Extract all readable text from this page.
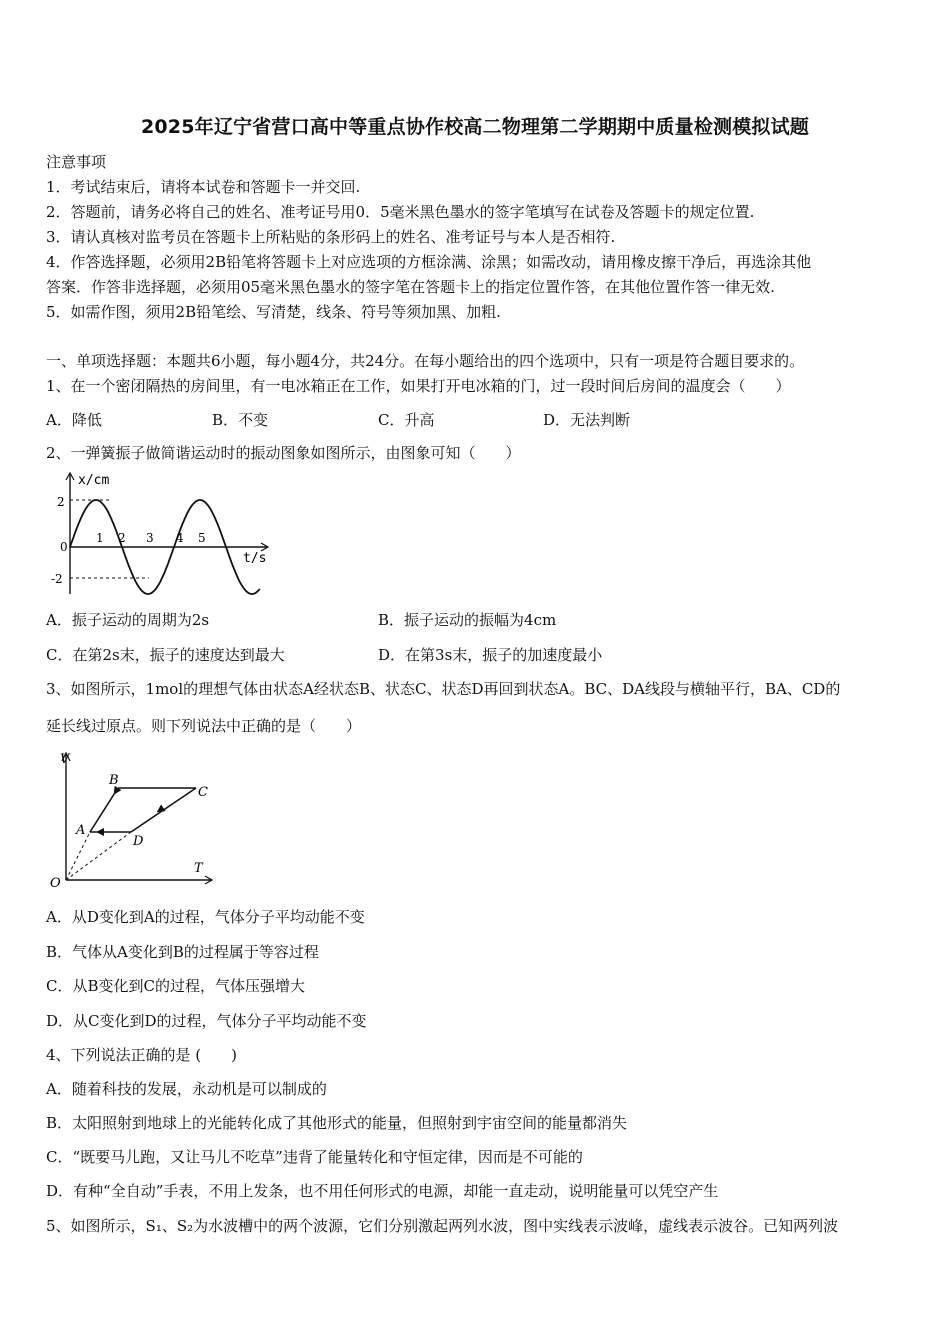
2025年辽宁省营口高中等重点协作校高二物理第二学期期中质量检测模拟试题
注意事项
1．考试结束后，请将本试卷和答题卡一并交回.
2．答题前，请务必将自己的姓名、准考证号用0．5毫米黑色墨水的签字笔填写在试卷及答题卡的规定位置.
3．请认真核对监考员在答题卡上所粘贴的条形码上的姓名、准考证号与本人是否相符.
4．作答选择题，必须用2B铅笔将答题卡上对应选项的方框涂满、涂黑；如需改动，请用橡皮擦干净后，再选涂其他
答案．作答非选择题，必须用05毫米黑色墨水的签字笔在答题卡上的指定位置作答，在其他位置作答一律无效.
5．如需作图，须用2B铅笔绘、写清楚，线条、符号等须加黑、加粗.
一、单项选择题：本题共6小题，每小题4分，共24分。在每小题给出的四个选项中，只有一项是符合题目要求的。
1、在一个密闭隔热的房间里，有一电冰箱正在工作，如果打开电冰箱的门，过一段时间后房间的温度会（　　）
A．降低	B．不变	C．升高	D．无法判断
2、一弹簧振子做简谐运动时的振动图象如图所示，由图象可知（　　）
x/cm
t/s
2
0
-2
1 2 3 4 5
A．振子运动的周期为2s	B．振子运动的振幅为4cm
C．在第2s末，振子的速度达到最大	D．在第3s末，振子的加速度最小
3、如图所示，1mol的理想气体由状态A经状态B、状态C、状态D再回到状态A。BC、DA线段与横轴平行，BA、CD的
延长线过原点。则下列说法中正确的是（　　）
V
T
O
A
B
C
D
A．从D变化到A的过程，气体分子平均动能不变
B．气体从A变化到B的过程属于等容过程
C．从B变化到C的过程，气体压强增大
D．从C变化到D的过程，气体分子平均动能不变
4、下列说法正确的是 (　　)
A．随着科技的发展，永动机是可以制成的
B．太阳照射到地球上的光能转化成了其他形式的能量，但照射到宇宙空间的能量都消失
C．“既要马儿跑，又让马儿不吃草”违背了能量转化和守恒定律，因而是不可能的
D．有种“全自动”手表，不用上发条，也不用任何形式的电源，却能一直走动，说明能量可以凭空产生
5、如图所示，S₁、S₂为水波槽中的两个波源，它们分别激起两列水波，图中实线表示波峰，虚线表示波谷。已知两列波
